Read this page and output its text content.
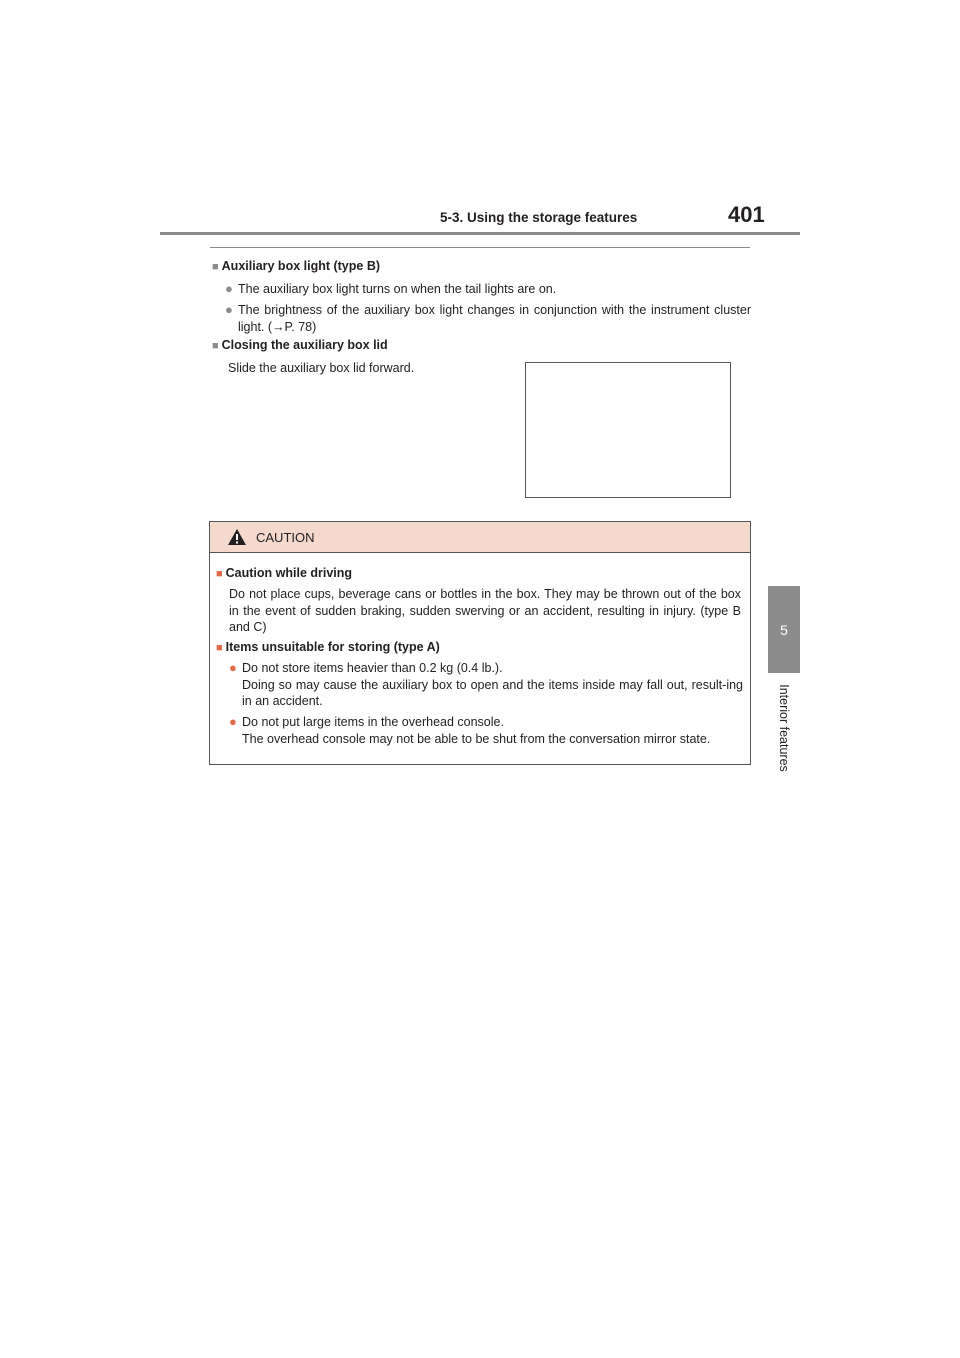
5-3. Using the storage features	401
5
Interior features
■ Auxiliary box light (type B)
● The auxiliary box light turns on when the tail lights are on.
● The brightness of the auxiliary box light changes in conjunction with the instrument cluster light. (→P. 78)
■ Closing the auxiliary box lid
Slide the auxiliary box lid forward.
CAUTION
■ Caution while driving
Do not place cups, beverage cans or bottles in the box. They may be thrown out of the box in the event of sudden braking, sudden swerving or an accident, resulting in injury. (type B and C)
■ Items unsuitable for storing (type A)
● Do not store items heavier than 0.2 kg (0.4 lb.).
Doing so may cause the auxiliary box to open and the items inside may fall out, result-ing in an accident.
● Do not put large items in the overhead console.
The overhead console may not be able to be shut from the conversation mirror state.
